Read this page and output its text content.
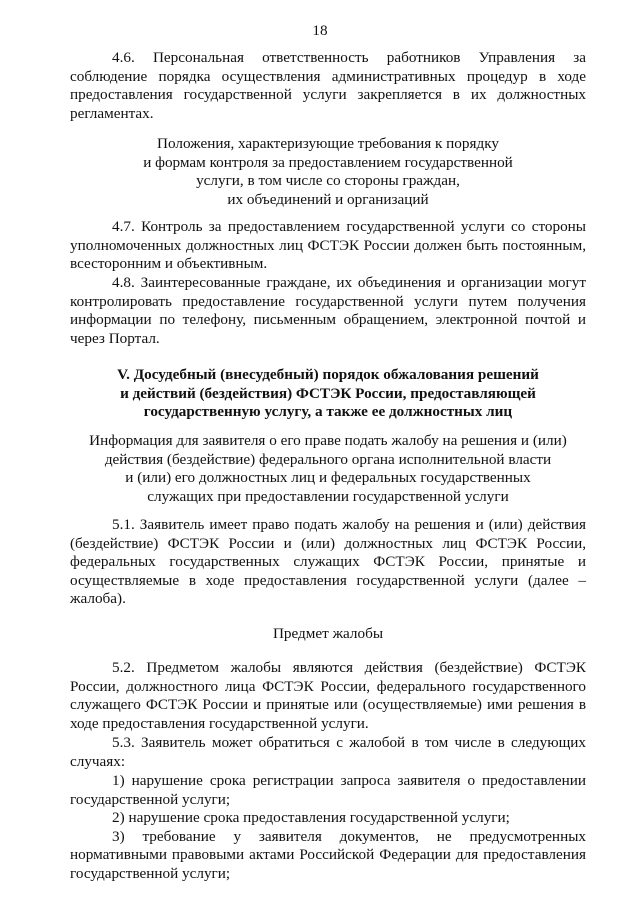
18

4.6. Персональная ответственность работников Управления за соблюдение порядка осуществления административных процедур в ходе предоставления государственной услуги закрепляется в их должностных регламентах.

Положения, характеризующие требования к порядку

и формам контроля за предоставлением государственной

услуги, в том числе со стороны граждан,

их объединений и организаций

4.7. Контроль за предоставлением государственной услуги со стороны уполномоченных должностных лиц ФСТЭК России должен быть постоянным, всесторонним и объективным.

4.8. Заинтересованные граждане, их объединения и организации могут контролировать предоставление государственной услуги путем получения информации по телефону, письменным обращением, электронной почтой и через Портал.

V. Досудебный (внесудебный) порядок обжалования решений

и действий (бездействия) ФСТЭК России, предоставляющей

государственную услугу, а также ее должностных лиц

Информация для заявителя о его праве подать жалобу на решения и (или)

действия (бездействие) федерального органа исполнительной власти

и (или) его должностных лиц и федеральных государственных

служащих при предоставлении государственной услуги

5.1. Заявитель имеет право подать жалобу на решения и (или) действия (бездействие) ФСТЭК России и (или) должностных лиц ФСТЭК России, федеральных государственных служащих ФСТЭК России, принятые и осуществляемые в ходе предоставления государственной услуги (далее – жалоба).

Предмет жалобы

5.2. Предметом жалобы являются действия (бездействие) ФСТЭК России, должностного лица ФСТЭК России, федерального государственного служащего ФСТЭК России и принятые или (осуществляемые) ими решения в ходе предоставления государственной услуги.

5.3. Заявитель может обратиться с жалобой в том числе в следующих случаях:

1) нарушение срока регистрации запроса заявителя о предоставлении государственной услуги;

2) нарушение срока предоставления государственной услуги;

3) требование у заявителя документов, не предусмотренных нормативными правовыми актами Российской Федерации для предоставления государственной услуги;
